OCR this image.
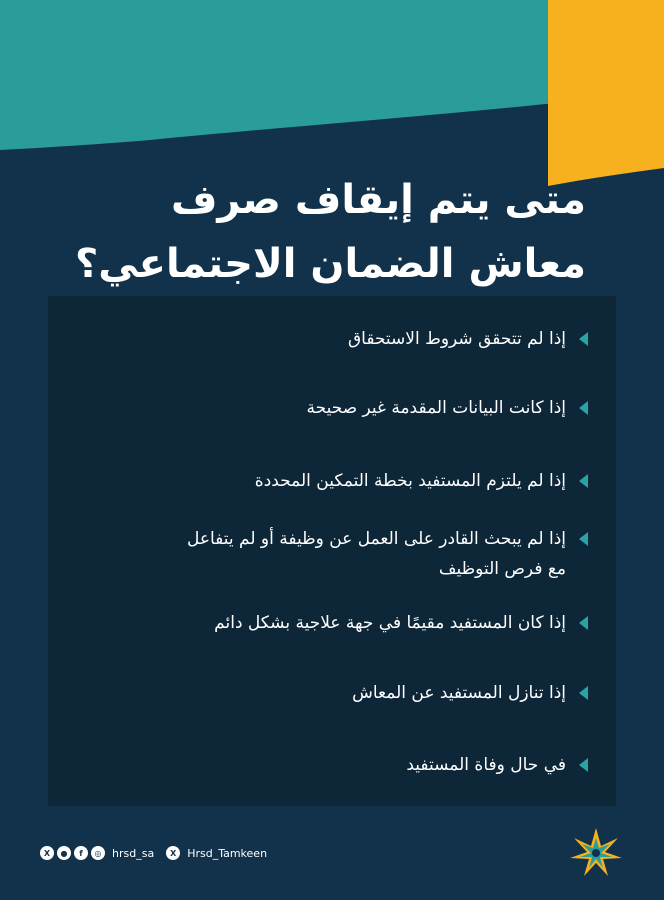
متى يتم إيقاف صرف
معاش الضمان الاجتماعي؟
إذا لم تتحقق شروط الاستحقاق
إذا كانت البيانات المقدمة غير صحيحة
إذا لم يلتزم المستفيد بخطة التمكين المحددة
إذا لم يبحث القادر على العمل عن وظيفة أو لم يتفاعل
مع فرص التوظيف
إذا كان المستفيد مقيمًا في جهة علاجية بشكل دائم
إذا تنازل المستفيد عن المعاش
في حال وفاة المستفيد
X	●	f	◎ hrsd_sa	X Hrsd_Tamkeen
